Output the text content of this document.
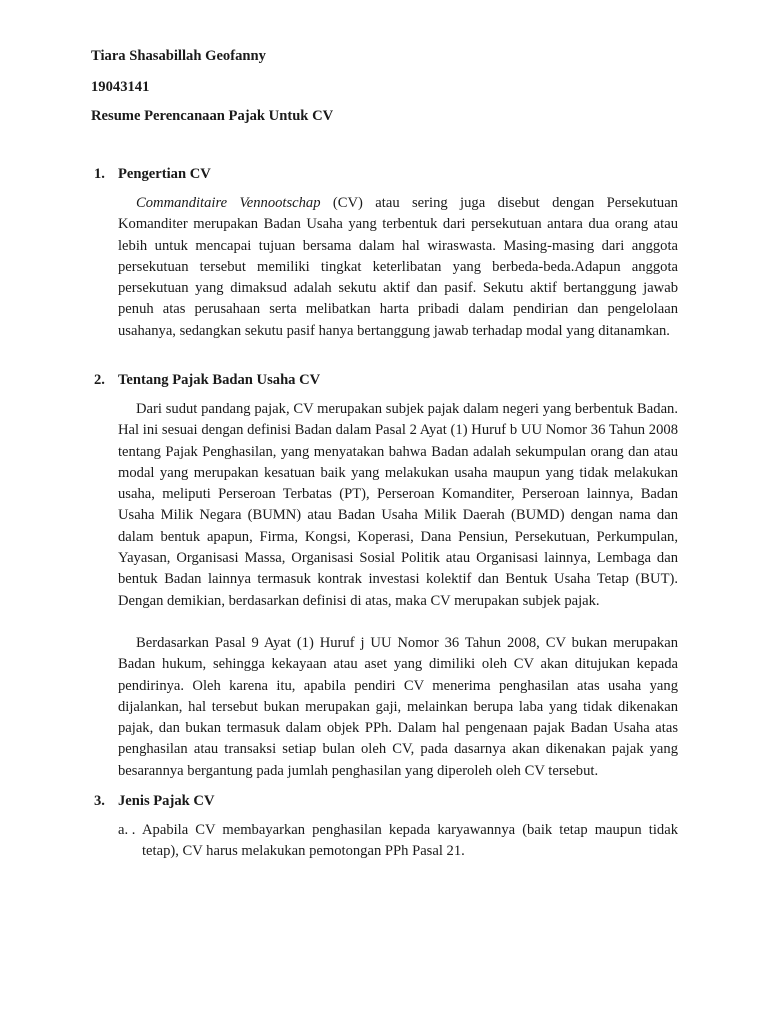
Tiara Shasabillah Geofanny
19043141
Resume Perencanaan Pajak Untuk CV
1. Pengertian CV

Commanditaire Vennootschap (CV) atau sering juga disebut dengan Persekutuan Komanditer merupakan Badan Usaha yang terbentuk dari persekutuan antara dua orang atau lebih untuk mencapai tujuan bersama dalam hal wiraswasta. Masing-masing dari anggota persekutuan tersebut memiliki tingkat keterlibatan yang berbeda-beda.Adapun anggota persekutuan yang dimaksud adalah sekutu aktif dan pasif. Sekutu aktif bertanggung jawab penuh atas perusahaan serta melibatkan harta pribadi dalam pendirian dan pengelolaan usahanya, sedangkan sekutu pasif hanya bertanggung jawab terhadap modal yang ditanamkan.

2. Tentang Pajak Badan Usaha CV

Dari sudut pandang pajak, CV merupakan subjek pajak dalam negeri yang berbentuk Badan. Hal ini sesuai dengan definisi Badan dalam Pasal 2 Ayat (1) Huruf b UU Nomor 36 Tahun 2008 tentang Pajak Penghasilan, yang menyatakan bahwa Badan adalah sekumpulan orang dan atau modal yang merupakan kesatuan baik yang melakukan usaha maupun yang tidak melakukan usaha, meliputi Perseroan Terbatas (PT), Perseroan Komanditer, Perseroan lainnya, Badan Usaha Milik Negara (BUMN) atau Badan Usaha Milik Daerah (BUMD) dengan nama dan dalam bentuk apapun, Firma, Kongsi, Koperasi, Dana Pensiun, Persekutuan, Perkumpulan, Yayasan, Organisasi Massa, Organisasi Sosial Politik atau Organisasi lainnya, Lembaga dan bentuk Badan lainnya termasuk kontrak investasi kolektif dan Bentuk Usaha Tetap (BUT). Dengan demikian, berdasarkan definisi di atas, maka CV merupakan subjek pajak.

Berdasarkan Pasal 9 Ayat (1) Huruf j UU Nomor 36 Tahun 2008, CV bukan merupakan Badan hukum, sehingga kekayaan atau aset yang dimiliki oleh CV akan ditujukan kepada pendirinya. Oleh karena itu, apabila pendiri CV menerima penghasilan atas usaha yang dijalankan, hal tersebut bukan merupakan gaji, melainkan berupa laba yang tidak dikenakan pajak, dan bukan termasuk dalam objek PPh. Dalam hal pengenaan pajak Badan Usaha atas penghasilan atau transaksi setiap bulan oleh CV, pada dasarnya akan dikenakan pajak yang besarannya bergantung pada jumlah penghasilan yang diperoleh oleh CV tersebut.

3. Jenis Pajak CV

a. . Apabila CV membayarkan penghasilan kepada karyawannya (baik tetap maupun tidak tetap), CV harus melakukan pemotongan PPh Pasal 21.
